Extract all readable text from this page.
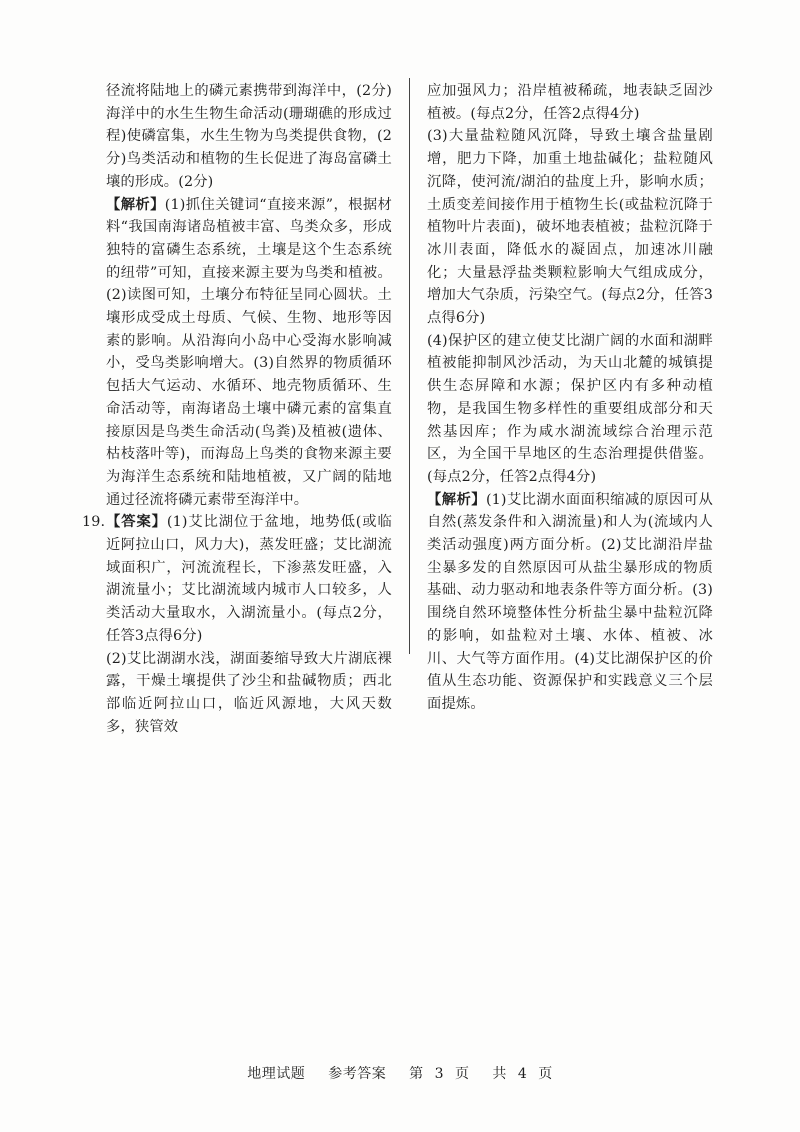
径流将陆地上的磷元素携带到海洋中，(2分)海洋中的水生生物生命活动(珊瑚礁的形成过程)使磷富集，水生生物为鸟类提供食物，(2分)鸟类活动和植物的生长促进了海岛富磷土壤的形成。(2分)

【解析】(1)抓住关键词“直接来源”，根据材料“我国南海诸岛植被丰富、鸟类众多，形成独特的富磷生态系统，土壤是这个生态系统的纽带”可知，直接来源主要为鸟类和植被。(2)读图可知，土壤分布特征呈同心圆状。土壤形成受成土母质、气候、生物、地形等因素的影响。从沿海向小岛中心受海水影响减小，受鸟类影响增大。(3)自然界的物质循环包括大气运动、水循环、地壳物质循环、生命活动等，南海诸岛土壤中磷元素的富集直接原因是鸟类生命活动(鸟粪)及植被(遗体、枯枝落叶等)，而海岛上鸟类的食物来源主要为海洋生态系统和陆地植被，又广阔的陆地通过径流将磷元素带至海洋中。

19. 【答案】(1)艾比湖位于盆地，地势低(或临近阿拉山口，风力大)，蒸发旺盛；艾比湖流域面积广，河流流程长，下渗蒸发旺盛，入湖流量小；艾比湖流域内城市人口较多，人类活动大量取水，入湖流量小。(每点2分，任答3点得6分)

(2)艾比湖湖水浅，湖面萎缩导致大片湖底裸露，干燥土壤提供了沙尘和盐碱物质；西北部临近阿拉山口，临近风源地，大风天数多，狭管效

应加强风力；沿岸植被稀疏，地表缺乏固沙植被。(每点2分，任答2点得4分)

(3)大量盐粒随风沉降，导致土壤含盐量剧增，肥力下降，加重土地盐碱化；盐粒随风沉降，使河流/湖泊的盐度上升，影响水质；土质变差间接作用于植物生长(或盐粒沉降于植物叶片表面)，破坏地表植被；盐粒沉降于冰川表面，降低水的凝固点，加速冰川融化；大量悬浮盐类颗粒影响大气组成成分，增加大气杂质，污染空气。(每点2分，任答3点得6分)

(4)保护区的建立使艾比湖广阔的水面和湖畔植被能抑制风沙活动，为天山北麓的城镇提供生态屏障和水源；保护区内有多种动植物，是我国生物多样性的重要组成部分和天然基因库；作为咸水湖流域综合治理示范区，为全国干旱地区的生态治理提供借鉴。(每点2分，任答2点得4分)

【解析】(1)艾比湖水面面积缩减的原因可从自然(蒸发条件和入湖流量)和人为(流域内人类活动强度)两方面分析。(2)艾比湖沿岸盐尘暴多发的自然原因可从盐尘暴形成的物质基础、动力驱动和地表条件等方面分析。(3)围绕自然环境整体性分析盐尘暴中盐粒沉降的影响，如盐粒对土壤、水体、植被、冰川、大气等方面作用。(4)艾比湖保护区的价值从生态功能、资源保护和实践意义三个层面提炼。

地理试题 参考答案 第 3 页 共 4 页
